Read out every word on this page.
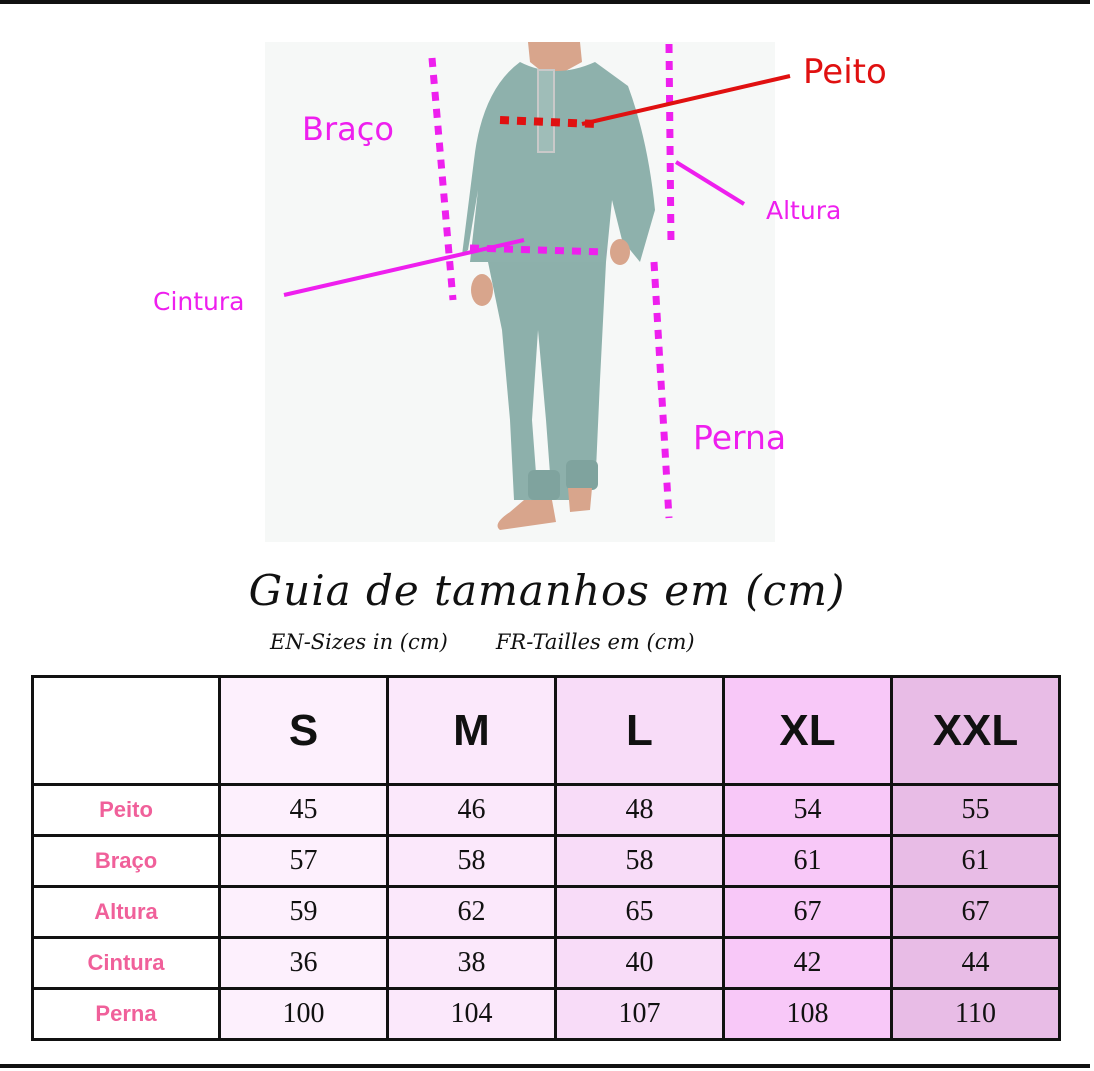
Peito
Braço
Altura
Cintura
Perna
Guia de tamanhos em (cm)
EN-Sizes in (cm) FR-Tailles em (cm)
	S	M	L	XL	XXL
Peito	45	46	48	54	55
Braço	57	58	58	61	61
Altura	59	62	65	67	67
Cintura	36	38	40	42	44
Perna	100	104	107	108	110
